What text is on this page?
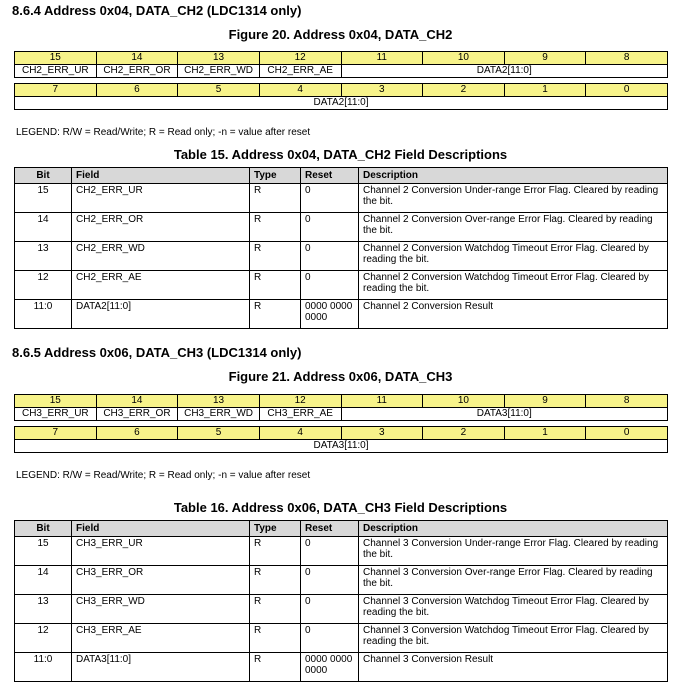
8.6.4 Address 0x04, DATA_CH2 (LDC1314 only)
Figure 20. Address 0x04, DATA_CH2
15	14	13	12	11	10	9	8
CH2_ERR_UR	CH2_ERR_OR	CH2_ERR_WD	CH2_ERR_AE	DATA2[11:0]			

7	6	5	4	3	2	1	0
DATA2[11:0]							
LEGEND: R/W = Read/Write; R = Read only; -n = value after reset
Table 15. Address 0x04, DATA_CH2 Field Descriptions
Bit	Field	Type	Reset	Description
15	CH2_ERR_UR	R	0	Channel 2 Conversion Under-range Error Flag. Cleared by reading the bit.
14	CH2_ERR_OR	R	0	Channel 2 Conversion Over-range Error Flag. Cleared by reading the bit.
13	CH2_ERR_WD	R	0	Channel 2 Conversion Watchdog Timeout Error Flag. Cleared by reading the bit.
12	CH2_ERR_AE	R	0	Channel 2 Conversion Watchdog Timeout Error Flag. Cleared by reading the bit.
11:0	DATA2[11:0]	R	0000 0000 0000	Channel 2 Conversion Result
8.6.5 Address 0x06, DATA_CH3 (LDC1314 only)
Figure 21. Address 0x06, DATA_CH3
15	14	13	12	11	10	9	8
CH3_ERR_UR	CH3_ERR_OR	CH3_ERR_WD	CH3_ERR_AE	DATA3[11:0]			

7	6	5	4	3	2	1	0
DATA3[11:0]							
LEGEND: R/W = Read/Write; R = Read only; -n = value after reset
Table 16. Address 0x06, DATA_CH3 Field Descriptions
Bit	Field	Type	Reset	Description
15	CH3_ERR_UR	R	0	Channel 3 Conversion Under-range Error Flag. Cleared by reading the bit.
14	CH3_ERR_OR	R	0	Channel 3 Conversion Over-range Error Flag. Cleared by reading the bit.
13	CH3_ERR_WD	R	0	Channel 3 Conversion Watchdog Timeout Error Flag. Cleared by reading the bit.
12	CH3_ERR_AE	R	0	Channel 3 Conversion Watchdog Timeout Error Flag. Cleared by reading the bit.
11:0	DATA3[11:0]	R	0000 0000 0000	Channel 3 Conversion Result
